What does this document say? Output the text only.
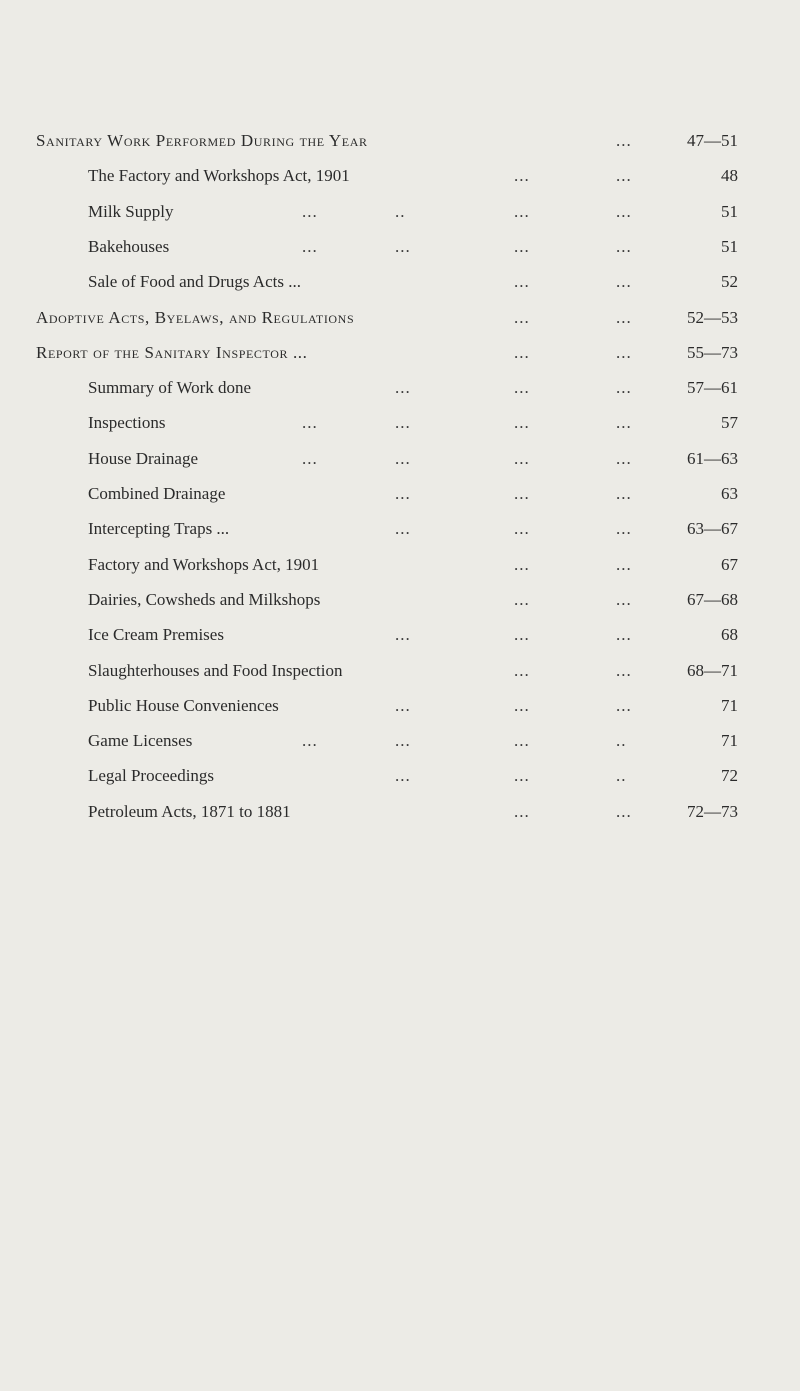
Sanitary Work Performed During the Year	...	47—51
The Factory and Workshops Act, 1901	...	...	48
Milk Supply	...	..	...	...	51
Bakehouses	...	...	...	...	51
Sale of Food and Drugs Acts ...	...	...	52
Adoptive Acts, Byelaws, and Regulations	...	...	52—53
Report of the Sanitary Inspector ...	...	...	55—73
Summary of Work done	...	...	...	57—61
Inspections	...	...	...	...	57
House Drainage	...	...	...	...	61—63
Combined Drainage	...	...	...	63
Intercepting Traps ...	...	...	...	63—67
Factory and Workshops Act, 1901	...	...	67
Dairies, Cowsheds and Milkshops	...	...	67—68
Ice Cream Premises	...	...	...	68
Slaughterhouses and Food Inspection	...	...	68—71
Public House Conveniences	...	...	...	71
Game Licenses	...	...	...	..	71
Legal Proceedings	...	...	..	72
Petroleum Acts, 1871 to 1881	...	...	72—73
